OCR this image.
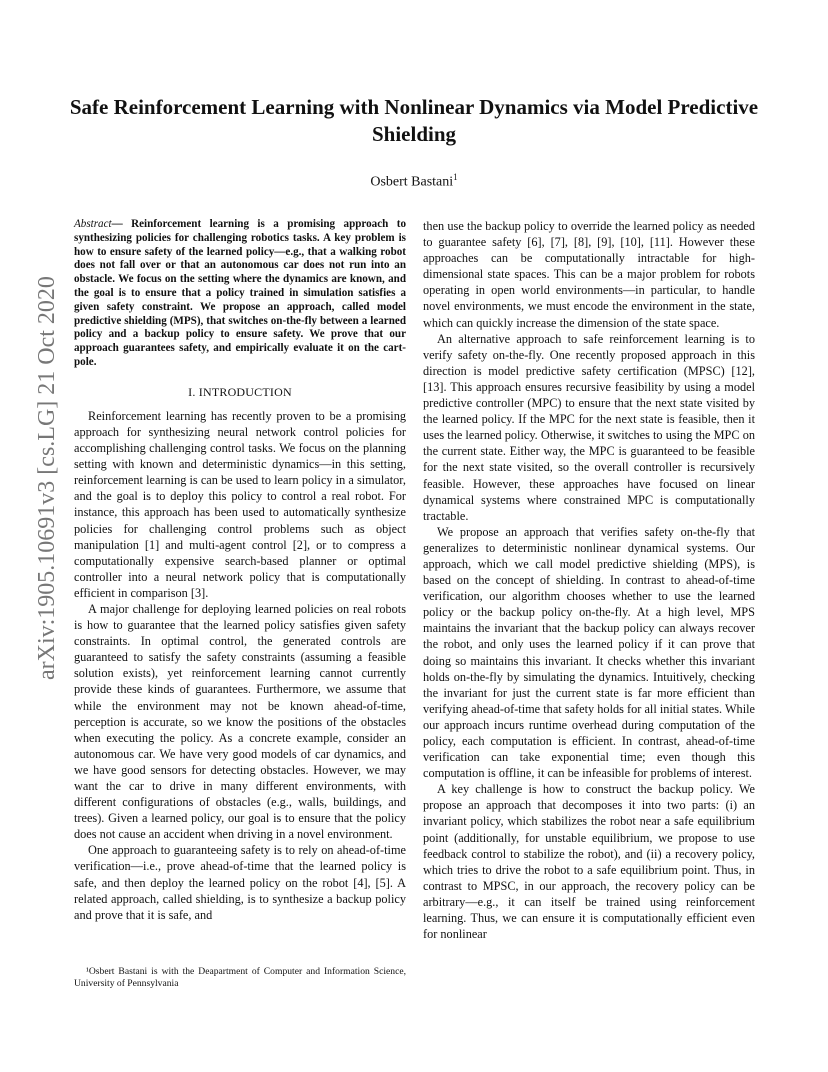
Safe Reinforcement Learning with Nonlinear Dynamics via Model Predictive Shielding
Osbert Bastani$^1$
arXiv:1905.10691v3 [cs.LG] 21 Oct 2020
Abstract— Reinforcement learning is a promising approach to synthesizing policies for challenging robotics tasks. A key problem is how to ensure safety of the learned policy—e.g., that a walking robot does not fall over or that an autonomous car does not run into an obstacle. We focus on the setting where the dynamics are known, and the goal is to ensure that a policy trained in simulation satisfies a given safety constraint. We propose an approach, called model predictive shielding (MPS), that switches on-the-fly between a learned policy and a backup policy to ensure safety. We prove that our approach guarantees safety, and empirically evaluate it on the cart-pole.
I. INTRODUCTION

Reinforcement learning has recently proven to be a promising approach for synthesizing neural network control policies for accomplishing challenging control tasks. We focus on the planning setting with known and deterministic dynamics—in this setting, reinforcement learning is can be used to learn policy in a simulator, and the goal is to deploy this policy to control a real robot. For instance, this approach has been used to automatically synthesize policies for challenging control problems such as object manipulation [1] and multi-agent control [2], or to compress a computationally expensive search-based planner or optimal controller into a neural network policy that is computationally efficient in comparison [3].

A major challenge for deploying learned policies on real robots is how to guarantee that the learned policy satisfies given safety constraints. In optimal control, the generated controls are guaranteed to satisfy the safety constraints (assuming a feasible solution exists), yet reinforcement learning cannot currently provide these kinds of guarantees. Furthermore, we assume that while the environment may not be known ahead-of-time, perception is accurate, so we know the positions of the obstacles when executing the policy. As a concrete example, consider an autonomous car. We have very good models of car dynamics, and we have good sensors for detecting obstacles. However, we may want the car to drive in many different environments, with different configurations of obstacles (e.g., walls, buildings, and trees). Given a learned policy, our goal is to ensure that the policy does not cause an accident when driving in a novel environment.

One approach to guaranteeing safety is to rely on ahead-of-time verification—i.e., prove ahead-of-time that the learned policy is safe, and then deploy the learned policy on the robot [4], [5]. A related approach, called shielding, is to synthesize a backup policy and prove that it is safe, and

then use the backup policy to override the learned policy as needed to guarantee safety [6], [7], [8], [9], [10], [11]. However these approaches can be computationally intractable for high-dimensional state spaces. This can be a major problem for robots operating in open world environments—in particular, to handle novel environments, we must encode the environment in the state, which can quickly increase the dimension of the state space.

An alternative approach to safe reinforcement learning is to verify safety on-the-fly. One recently proposed approach in this direction is model predictive safety certification (MPSC) [12], [13]. This approach ensures recursive feasibility by using a model predictive controller (MPC) to ensure that the next state visited by the learned policy. If the MPC for the next state is feasible, then it uses the learned policy. Otherwise, it switches to using the MPC on the current state. Either way, the MPC is guaranteed to be feasible for the next state visited, so the overall controller is recursively feasible. However, these approaches have focused on linear dynamical systems where constrained MPC is computationally tractable.

We propose an approach that verifies safety on-the-fly that generalizes to deterministic nonlinear dynamical systems. Our approach, which we call model predictive shielding (MPS), is based on the concept of shielding. In contrast to ahead-of-time verification, our algorithm chooses whether to use the learned policy or the backup policy on-the-fly. At a high level, MPS maintains the invariant that the backup policy can always recover the robot, and only uses the learned policy if it can prove that doing so maintains this invariant. It checks whether this invariant holds on-the-fly by simulating the dynamics. Intuitively, checking the invariant for just the current state is far more efficient than verifying ahead-of-time that safety holds for all initial states. While our approach incurs runtime overhead during computation of the policy, each computation is efficient. In contrast, ahead-of-time verification can take exponential time; even though this computation is offline, it can be infeasible for problems of interest.

A key challenge is how to construct the backup policy. We propose an approach that decomposes it into two parts: (i) an invariant policy, which stabilizes the robot near a safe equilibrium point (additionally, for unstable equilibrium, we propose to use feedback control to stabilize the robot), and (ii) a recovery policy, which tries to drive the robot to a safe equilibrium point. Thus, in contrast to MPSC, in our approach, the recovery policy can be arbitrary—e.g., it can itself be trained using reinforcement learning. Thus, we can ensure it is computationally efficient even for nonlinear

¹Osbert Bastani is with the Deapartment of Computer and Information Science, University of Pennsylvania
